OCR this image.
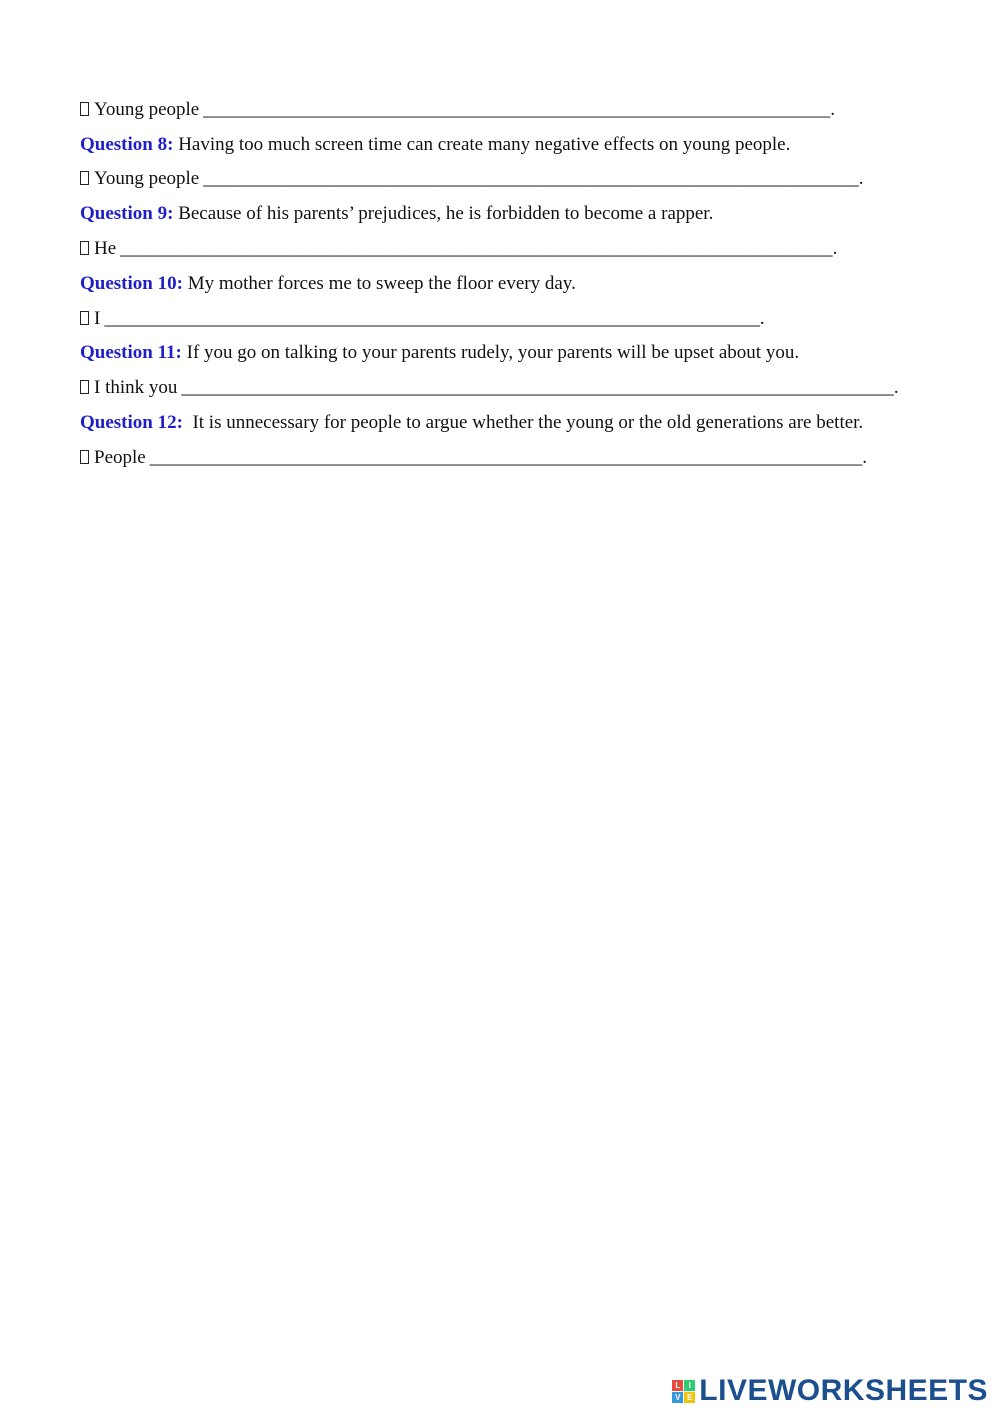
Young people __________________________________________________________________.

Question 8: Having too much screen time can create many negative effects on young people.

Young people _____________________________________________________________________.

Question 9: Because of his parents’ prejudices, he is forbidden to become a rapper.

He ___________________________________________________________________________.

Question 10: My mother forces me to sweep the floor every day.

I _____________________________________________________________________.

Question 11: If you go on talking to your parents rudely, your parents will be upset about you.

I think you ___________________________________________________________________________.

Question 12:  It is unnecessary for people to argue whether the young or the old generations are better.

People ___________________________________________________________________________.

L	I
V E LIVEWORKSHEETS
